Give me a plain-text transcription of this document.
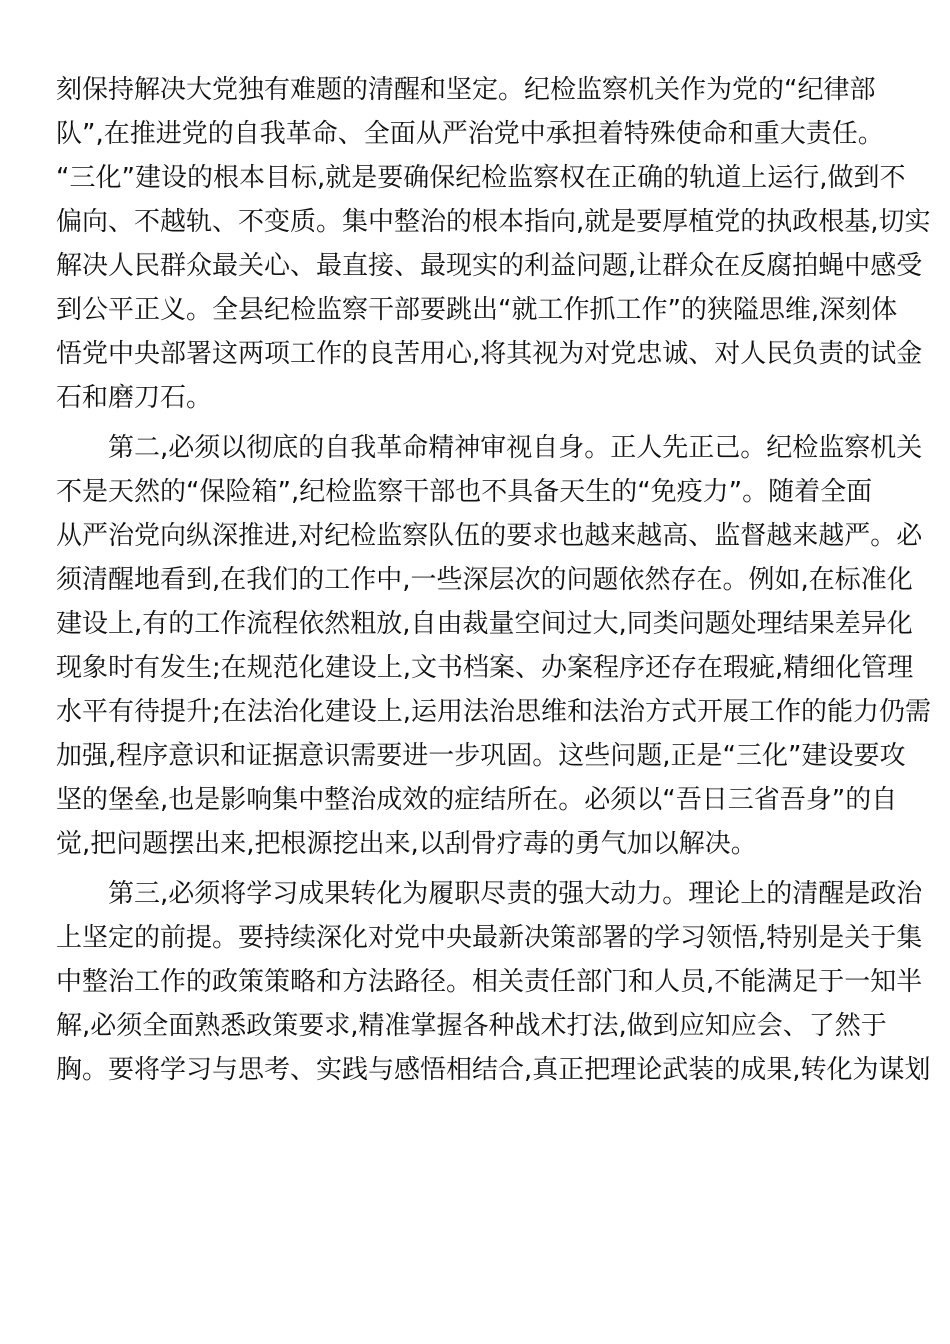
刻保持解决大党独有难题的清醒和坚定。纪检监察机关作为党的“纪律部
队”,在推进党的自我革命、全面从严治党中承担着特殊使命和重大责任。
“三化”建设的根本目标,就是要确保纪检监察权在正确的轨道上运行,做到不
偏向、不越轨、不变质。集中整治的根本指向,就是要厚植党的执政根基,切实
解决人民群众最关心、最直接、最现实的利益问题,让群众在反腐拍蝇中感受
到公平正义。全县纪检监察干部要跳出“就工作抓工作”的狭隘思维,深刻体
悟党中央部署这两项工作的良苦用心,将其视为对党忠诚、对人民负责的试金
石和磨刀石。
　　第二,必须以彻底的自我革命精神审视自身。正人先正己。纪检监察机关
不是天然的“保险箱”,纪检监察干部也不具备天生的“免疫力”。随着全面
从严治党向纵深推进,对纪检监察队伍的要求也越来越高、监督越来越严。必
须清醒地看到,在我们的工作中,一些深层次的问题依然存在。例如,在标准化
建设上,有的工作流程依然粗放,自由裁量空间过大,同类问题处理结果差异化
现象时有发生;在规范化建设上,文书档案、办案程序还存在瑕疵,精细化管理
水平有待提升;在法治化建设上,运用法治思维和法治方式开展工作的能力仍需
加强,程序意识和证据意识需要进一步巩固。这些问题,正是“三化”建设要攻
坚的堡垒,也是影响集中整治成效的症结所在。必须以“吾日三省吾身”的自
觉,把问题摆出来,把根源挖出来,以刮骨疗毒的勇气加以解决。
　　第三,必须将学习成果转化为履职尽责的强大动力。理论上的清醒是政治
上坚定的前提。要持续深化对党中央最新决策部署的学习领悟,特别是关于集
中整治工作的政策策略和方法路径。相关责任部门和人员,不能满足于一知半
解,必须全面熟悉政策要求,精准掌握各种战术打法,做到应知应会、了然于
胸。要将学习与思考、实践与感悟相结合,真正把理论武装的成果,转化为谋划
